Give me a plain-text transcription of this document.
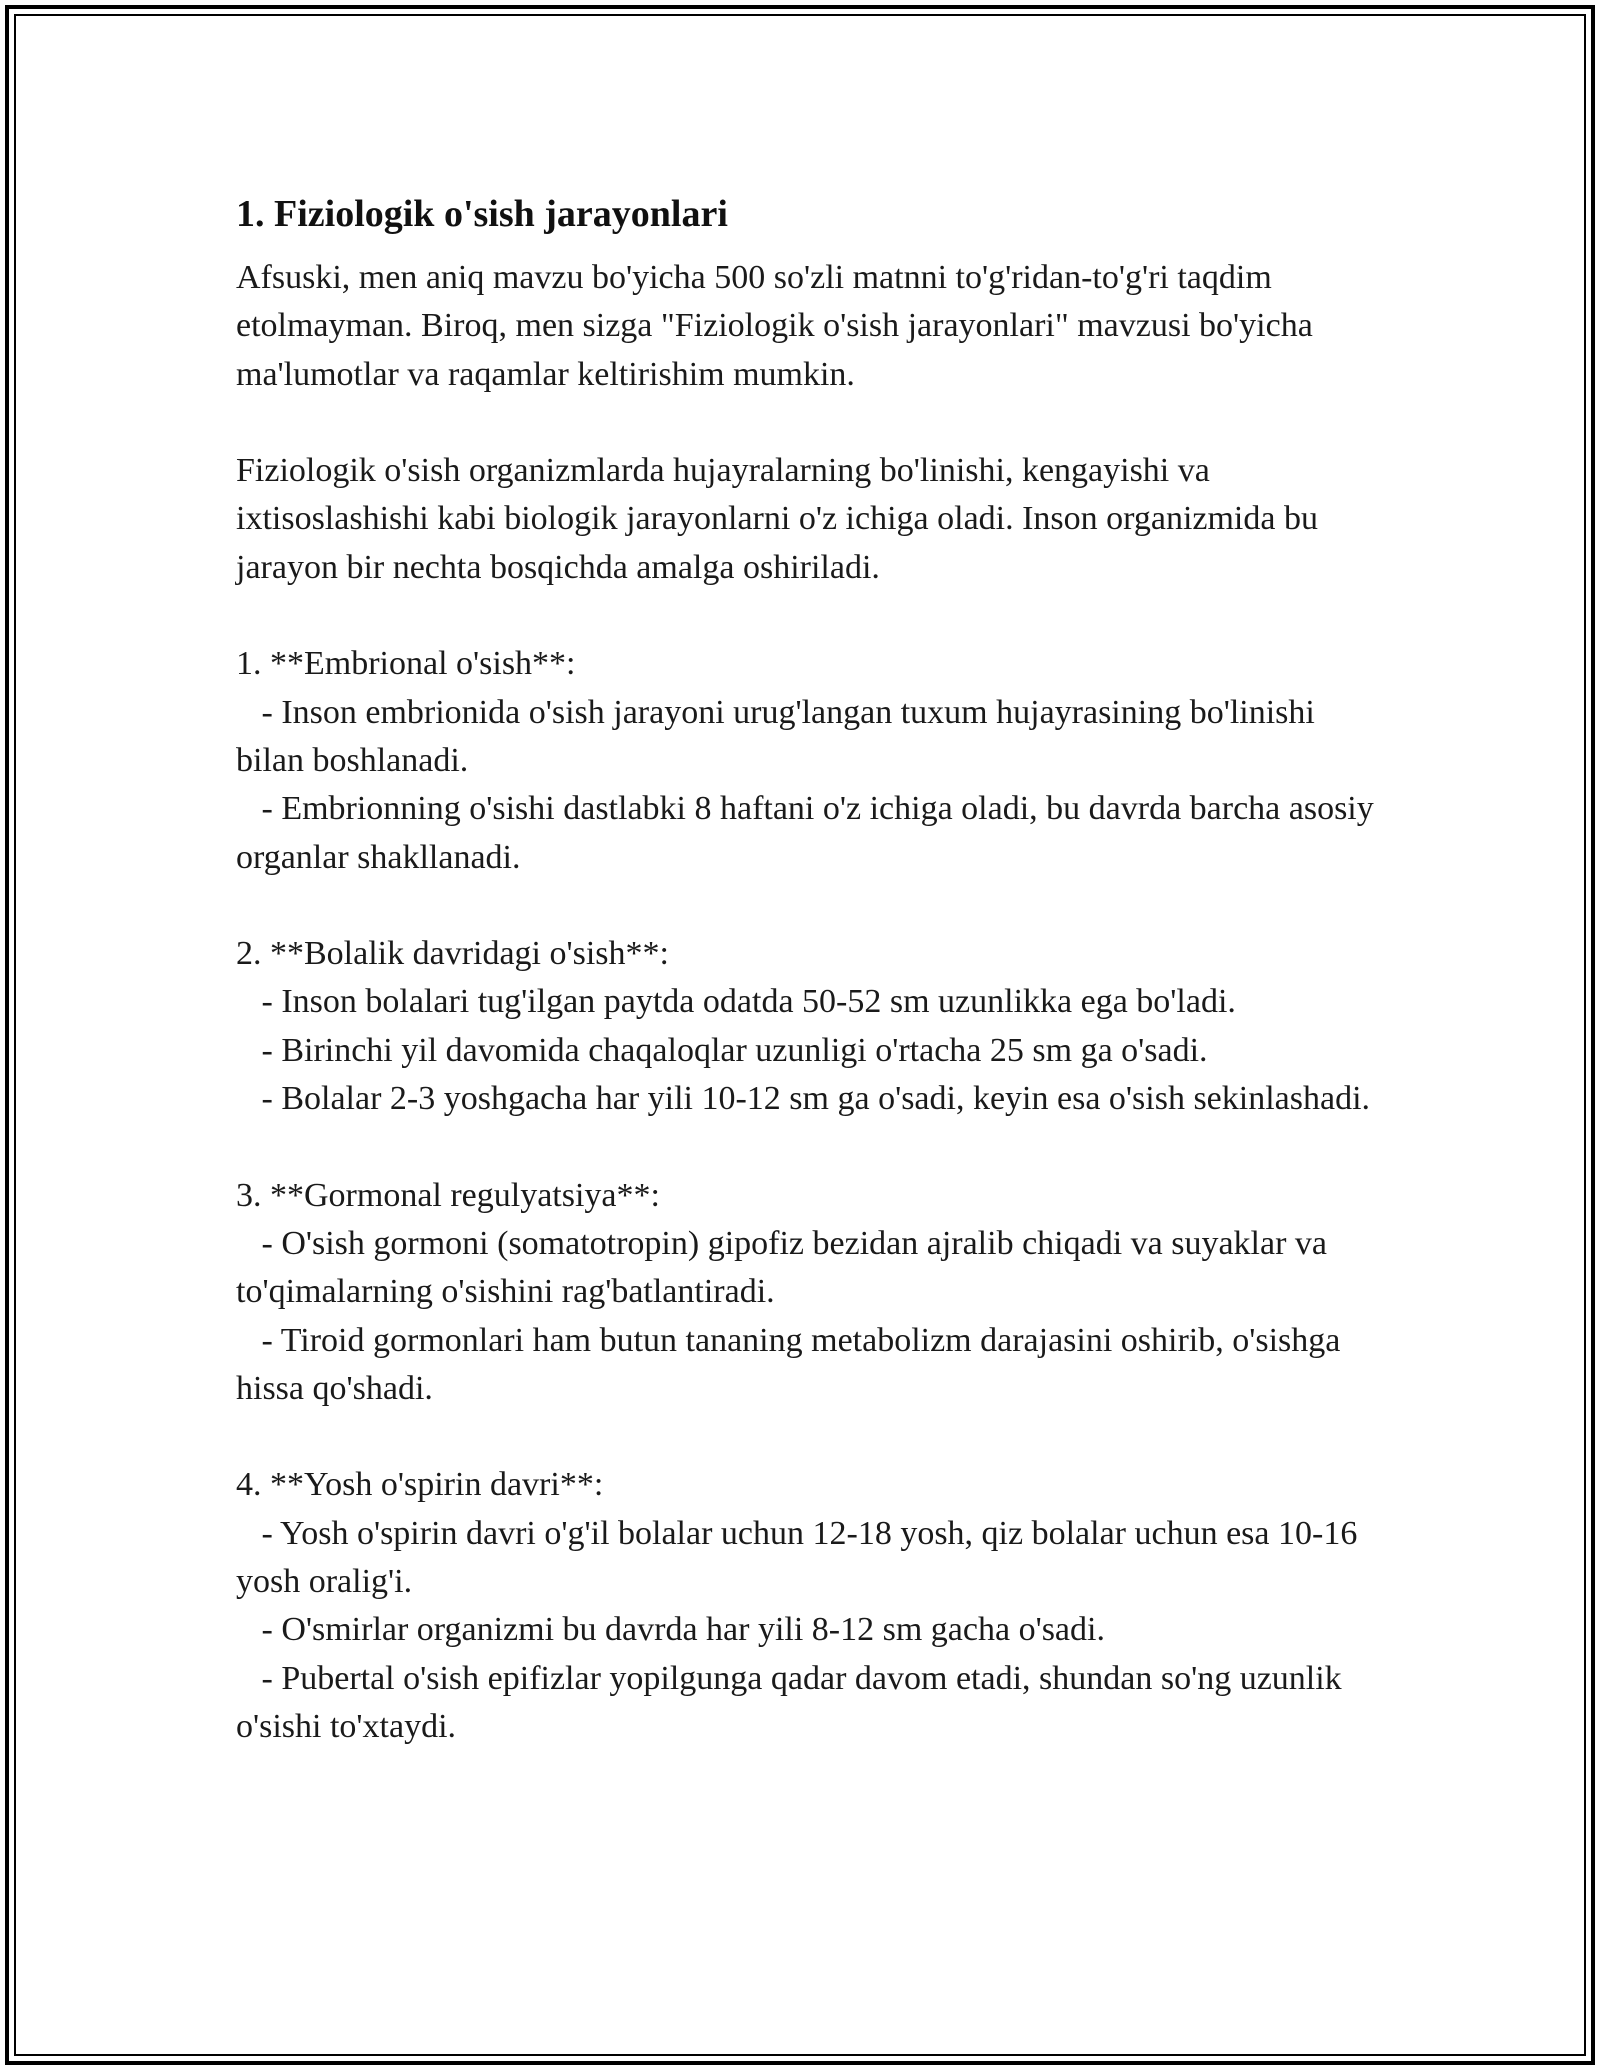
1. Fiziologik o'sish jarayonlari

Afsuski, men aniq mavzu bo'yicha 500 so'zli matnni to'g'ridan-to'g'ri taqdim etolmayman. Biroq, men sizga "Fiziologik o'sish jarayonlari" mavzusi bo'yicha ma'lumotlar va raqamlar keltirishim mumkin.

Fiziologik o'sish organizmlarda hujayralarning bo'linishi, kengayishi va ixtisoslashishi kabi biologik jarayonlarni o'z ichiga oladi. Inson organizmida bu jarayon bir nechta bosqichda amalga oshiriladi.

1. **Embrional o'sish**:
- Inson embrionida o'sish jarayoni urug'langan tuxum hujayrasining bo'linishi bilan boshlanadi.
- Embrionning o'sishi dastlabki 8 haftani o'z ichiga oladi, bu davrda barcha asosiy organlar shakllanadi.

2. **Bolalik davridagi o'sish**:
- Inson bolalari tug'ilgan paytda odatda 50-52 sm uzunlikka ega bo'ladi.
- Birinchi yil davomida chaqaloqlar uzunligi o'rtacha 25 sm ga o'sadi.
- Bolalar 2-3 yoshgacha har yili 10-12 sm ga o'sadi, keyin esa o'sish sekinlashadi.

3. **Gormonal regulyatsiya**:
- O'sish gormoni (somatotropin) gipofiz bezidan ajralib chiqadi va suyaklar va to'qimalarning o'sishini rag'batlantiradi.
- Tiroid gormonlari ham butun tananing metabolizm darajasini oshirib, o'sishga hissa qo'shadi.

4. **Yosh o'spirin davri**:
- Yosh o'spirin davri o'g'il bolalar uchun 12-18 yosh, qiz bolalar uchun esa 10-16 yosh oralig'i.
- O'smirlar organizmi bu davrda har yili 8-12 sm gacha o'sadi.
- Pubertal o'sish epifizlar yopilgunga qadar davom etadi, shundan so'ng uzunlik o'sishi to'xtaydi.
